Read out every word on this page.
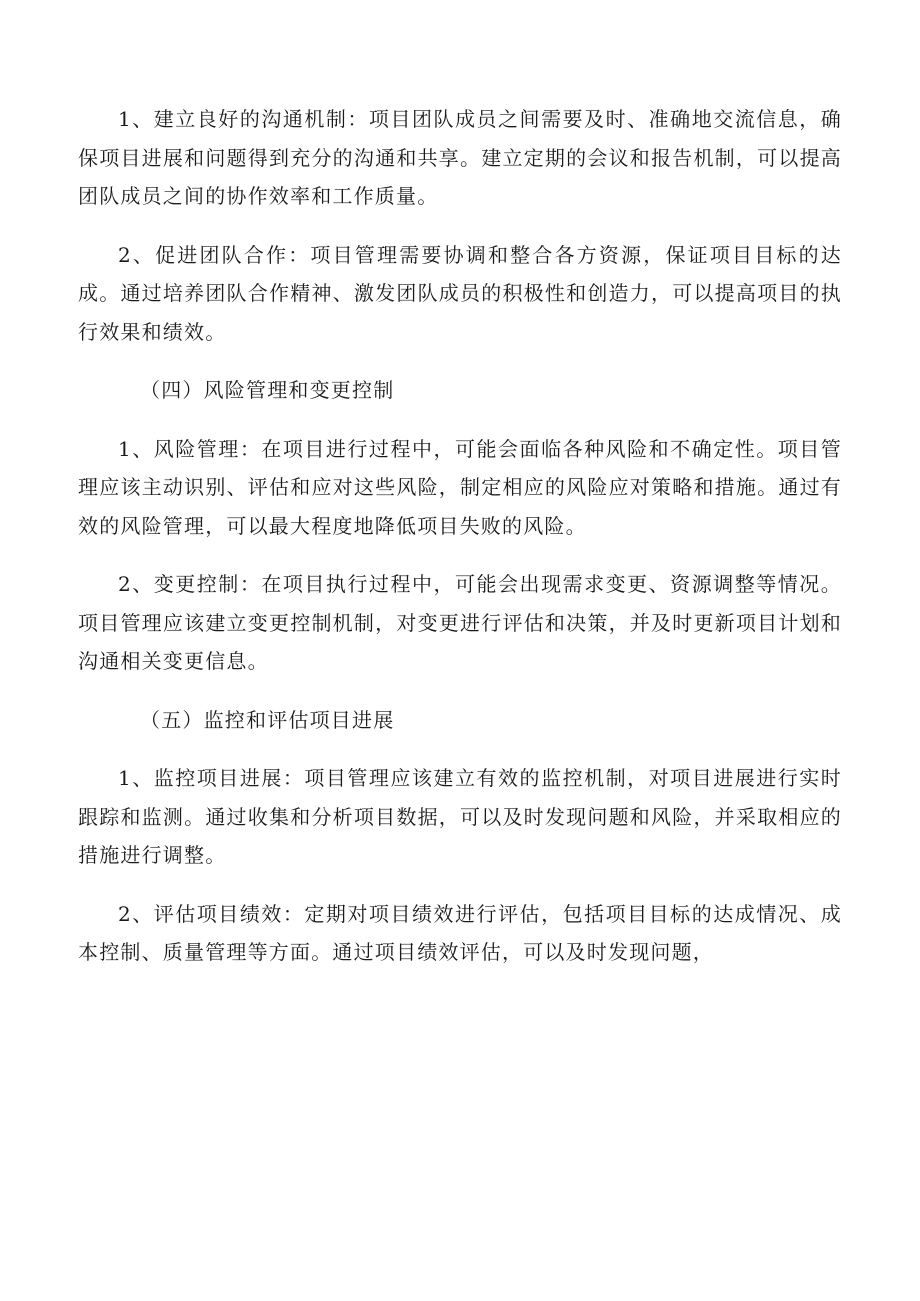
1、建立良好的沟通机制：项目团队成员之间需要及时、准确地交流信息，确保项目进展和问题得到充分的沟通和共享。建立定期的会议和报告机制，可以提高团队成员之间的协作效率和工作质量。

2、促进团队合作：项目管理需要协调和整合各方资源，保证项目目标的达成。通过培养团队合作精神、激发团队成员的积极性和创造力，可以提高项目的执行效果和绩效。

（四）风险管理和变更控制

1、风险管理：在项目进行过程中，可能会面临各种风险和不确定性。项目管理应该主动识别、评估和应对这些风险，制定相应的风险应对策略和措施。通过有效的风险管理，可以最大程度地降低项目失败的风险。

2、变更控制：在项目执行过程中，可能会出现需求变更、资源调整等情况。项目管理应该建立变更控制机制，对变更进行评估和决策，并及时更新项目计划和沟通相关变更信息。

（五）监控和评估项目进展

1、监控项目进展：项目管理应该建立有效的监控机制，对项目进展进行实时跟踪和监测。通过收集和分析项目数据，可以及时发现问题和风险，并采取相应的措施进行调整。

2、评估项目绩效：定期对项目绩效进行评估，包括项目目标的达成情况、成本控制、质量管理等方面。通过项目绩效评估，可以及时发现问题，
